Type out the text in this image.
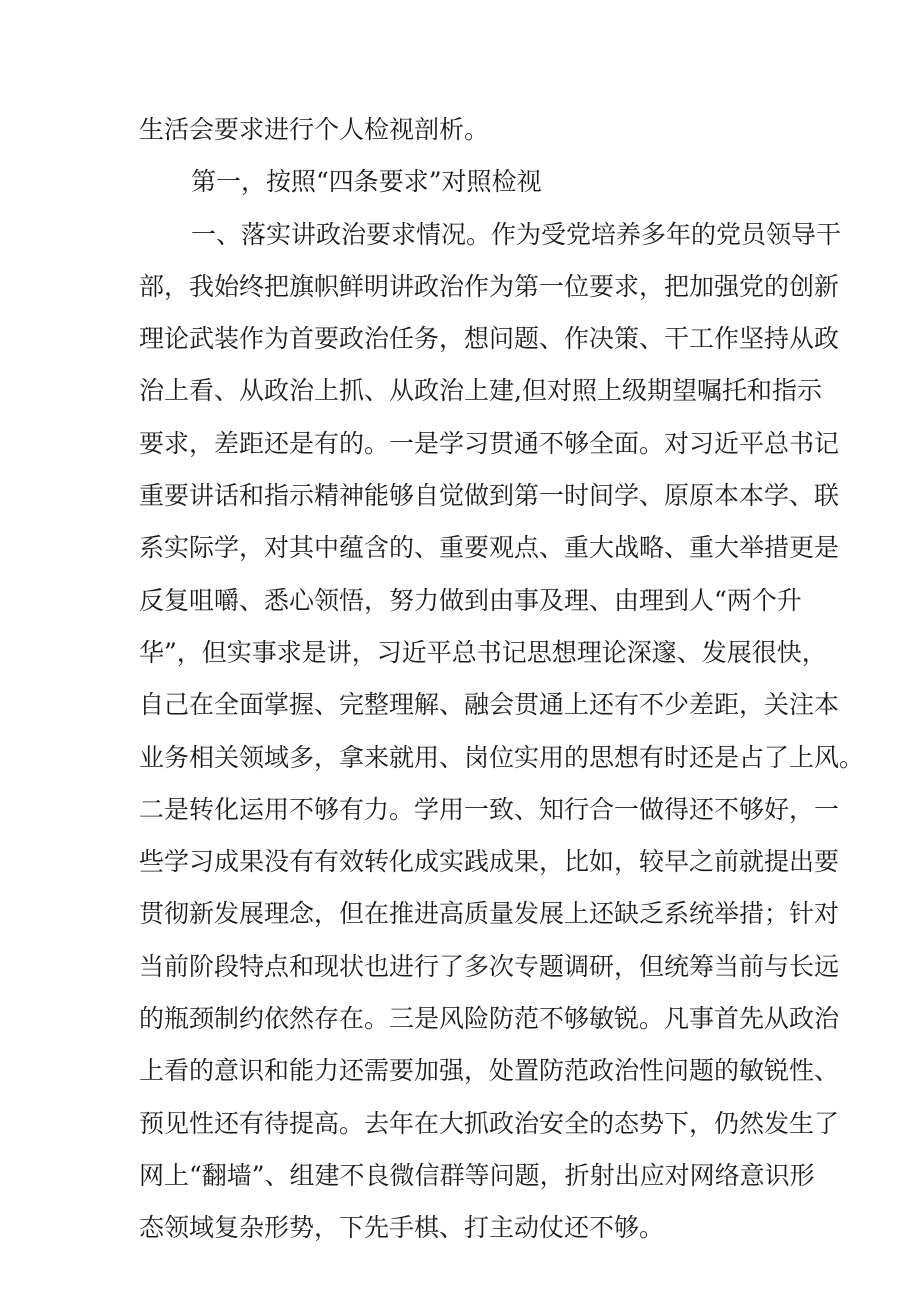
生活会要求进行个人检视剖析。
第一，按照“四条要求”对照检视
一、落实讲政治要求情况。作为受党培养多年的党员领导干
部，我始终把旗帜鲜明讲政治作为第一位要求，把加强党的创新
理论武装作为首要政治任务，想问题、作决策、干工作坚持从政
治上看、从政治上抓、从政治上建,但对照上级期望嘱托和指示
要求，差距还是有的。一是学习贯通不够全面。对习近平总书记
重要讲话和指示精神能够自觉做到第一时间学、原原本本学、联
系实际学，对其中蕴含的、重要观点、重大战略、重大举措更是
反复咀嚼、悉心领悟，努力做到由事及理、由理到人“两个升
华”，但实事求是讲，习近平总书记思想理论深邃、发展很快，
自己在全面掌握、完整理解、融会贯通上还有不少差距，关注本
业务相关领域多，拿来就用、岗位实用的思想有时还是占了上风。
二是转化运用不够有力。学用一致、知行合一做得还不够好，一
些学习成果没有有效转化成实践成果，比如，较早之前就提出要
贯彻新发展理念，但在推进高质量发展上还缺乏系统举措；针对
当前阶段特点和现状也进行了多次专题调研，但统筹当前与长远
的瓶颈制约依然存在。三是风险防范不够敏锐。凡事首先从政治
上看的意识和能力还需要加强，处置防范政治性问题的敏锐性、
预见性还有待提高。去年在大抓政治安全的态势下，仍然发生了
网上“翻墙”、组建不良微信群等问题，折射出应对网络意识形
态领域复杂形势，下先手棋、打主动仗还不够。
